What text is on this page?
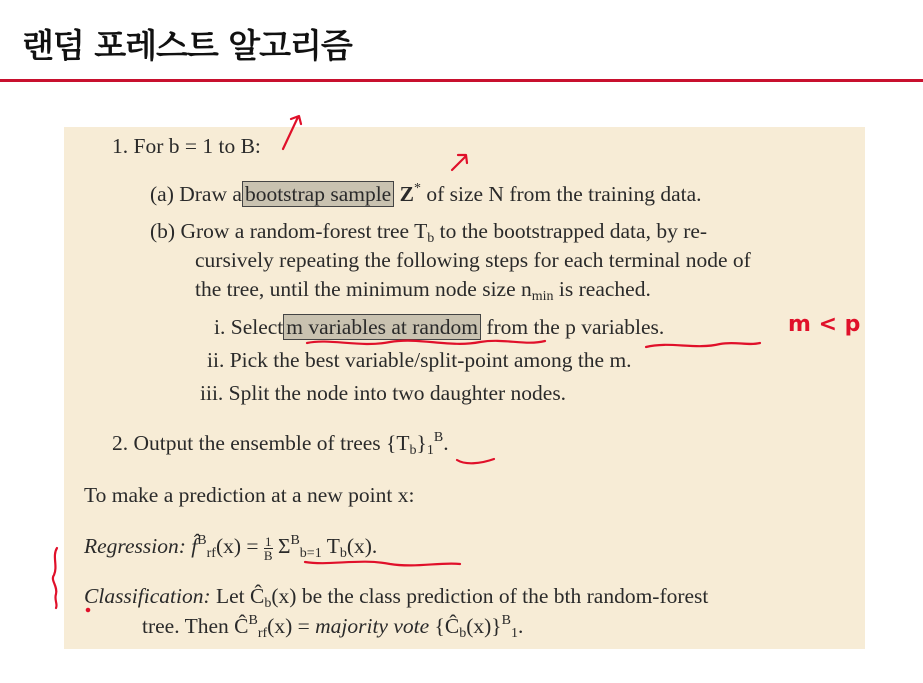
랜덤 포레스트 알고리즘
1. For b = 1 to B:
(a) Draw a bootstrap sample Z* of size N from the training data.
(b) Grow a random-forest tree $T_b$ to the bootstrapped data, by re-
cursively repeating the following steps for each terminal node of
the tree, until the minimum node size $n_{min}$ is reached.
i. Select m variables at random from the p variables.
ii. Pick the best variable/split-point among the m.
iii. Split the node into two daughter nodes.
2. Output the ensemble of trees $\{T_b\}_1^B$.
To make a prediction at a new point x:
Regression: f̂$^B_{rf}$(x) = $\frac{1}{B} \Sigma^B_{b=1}$ $T_b(x)$.
Classification: Let $Ĉ_b(x)$ be the class prediction of the bth random-forest
tree. Then $Ĉ^B_{rf}(x)$ = majority vote $\{Ĉ_b(x)\}^B_1$.
m < p
